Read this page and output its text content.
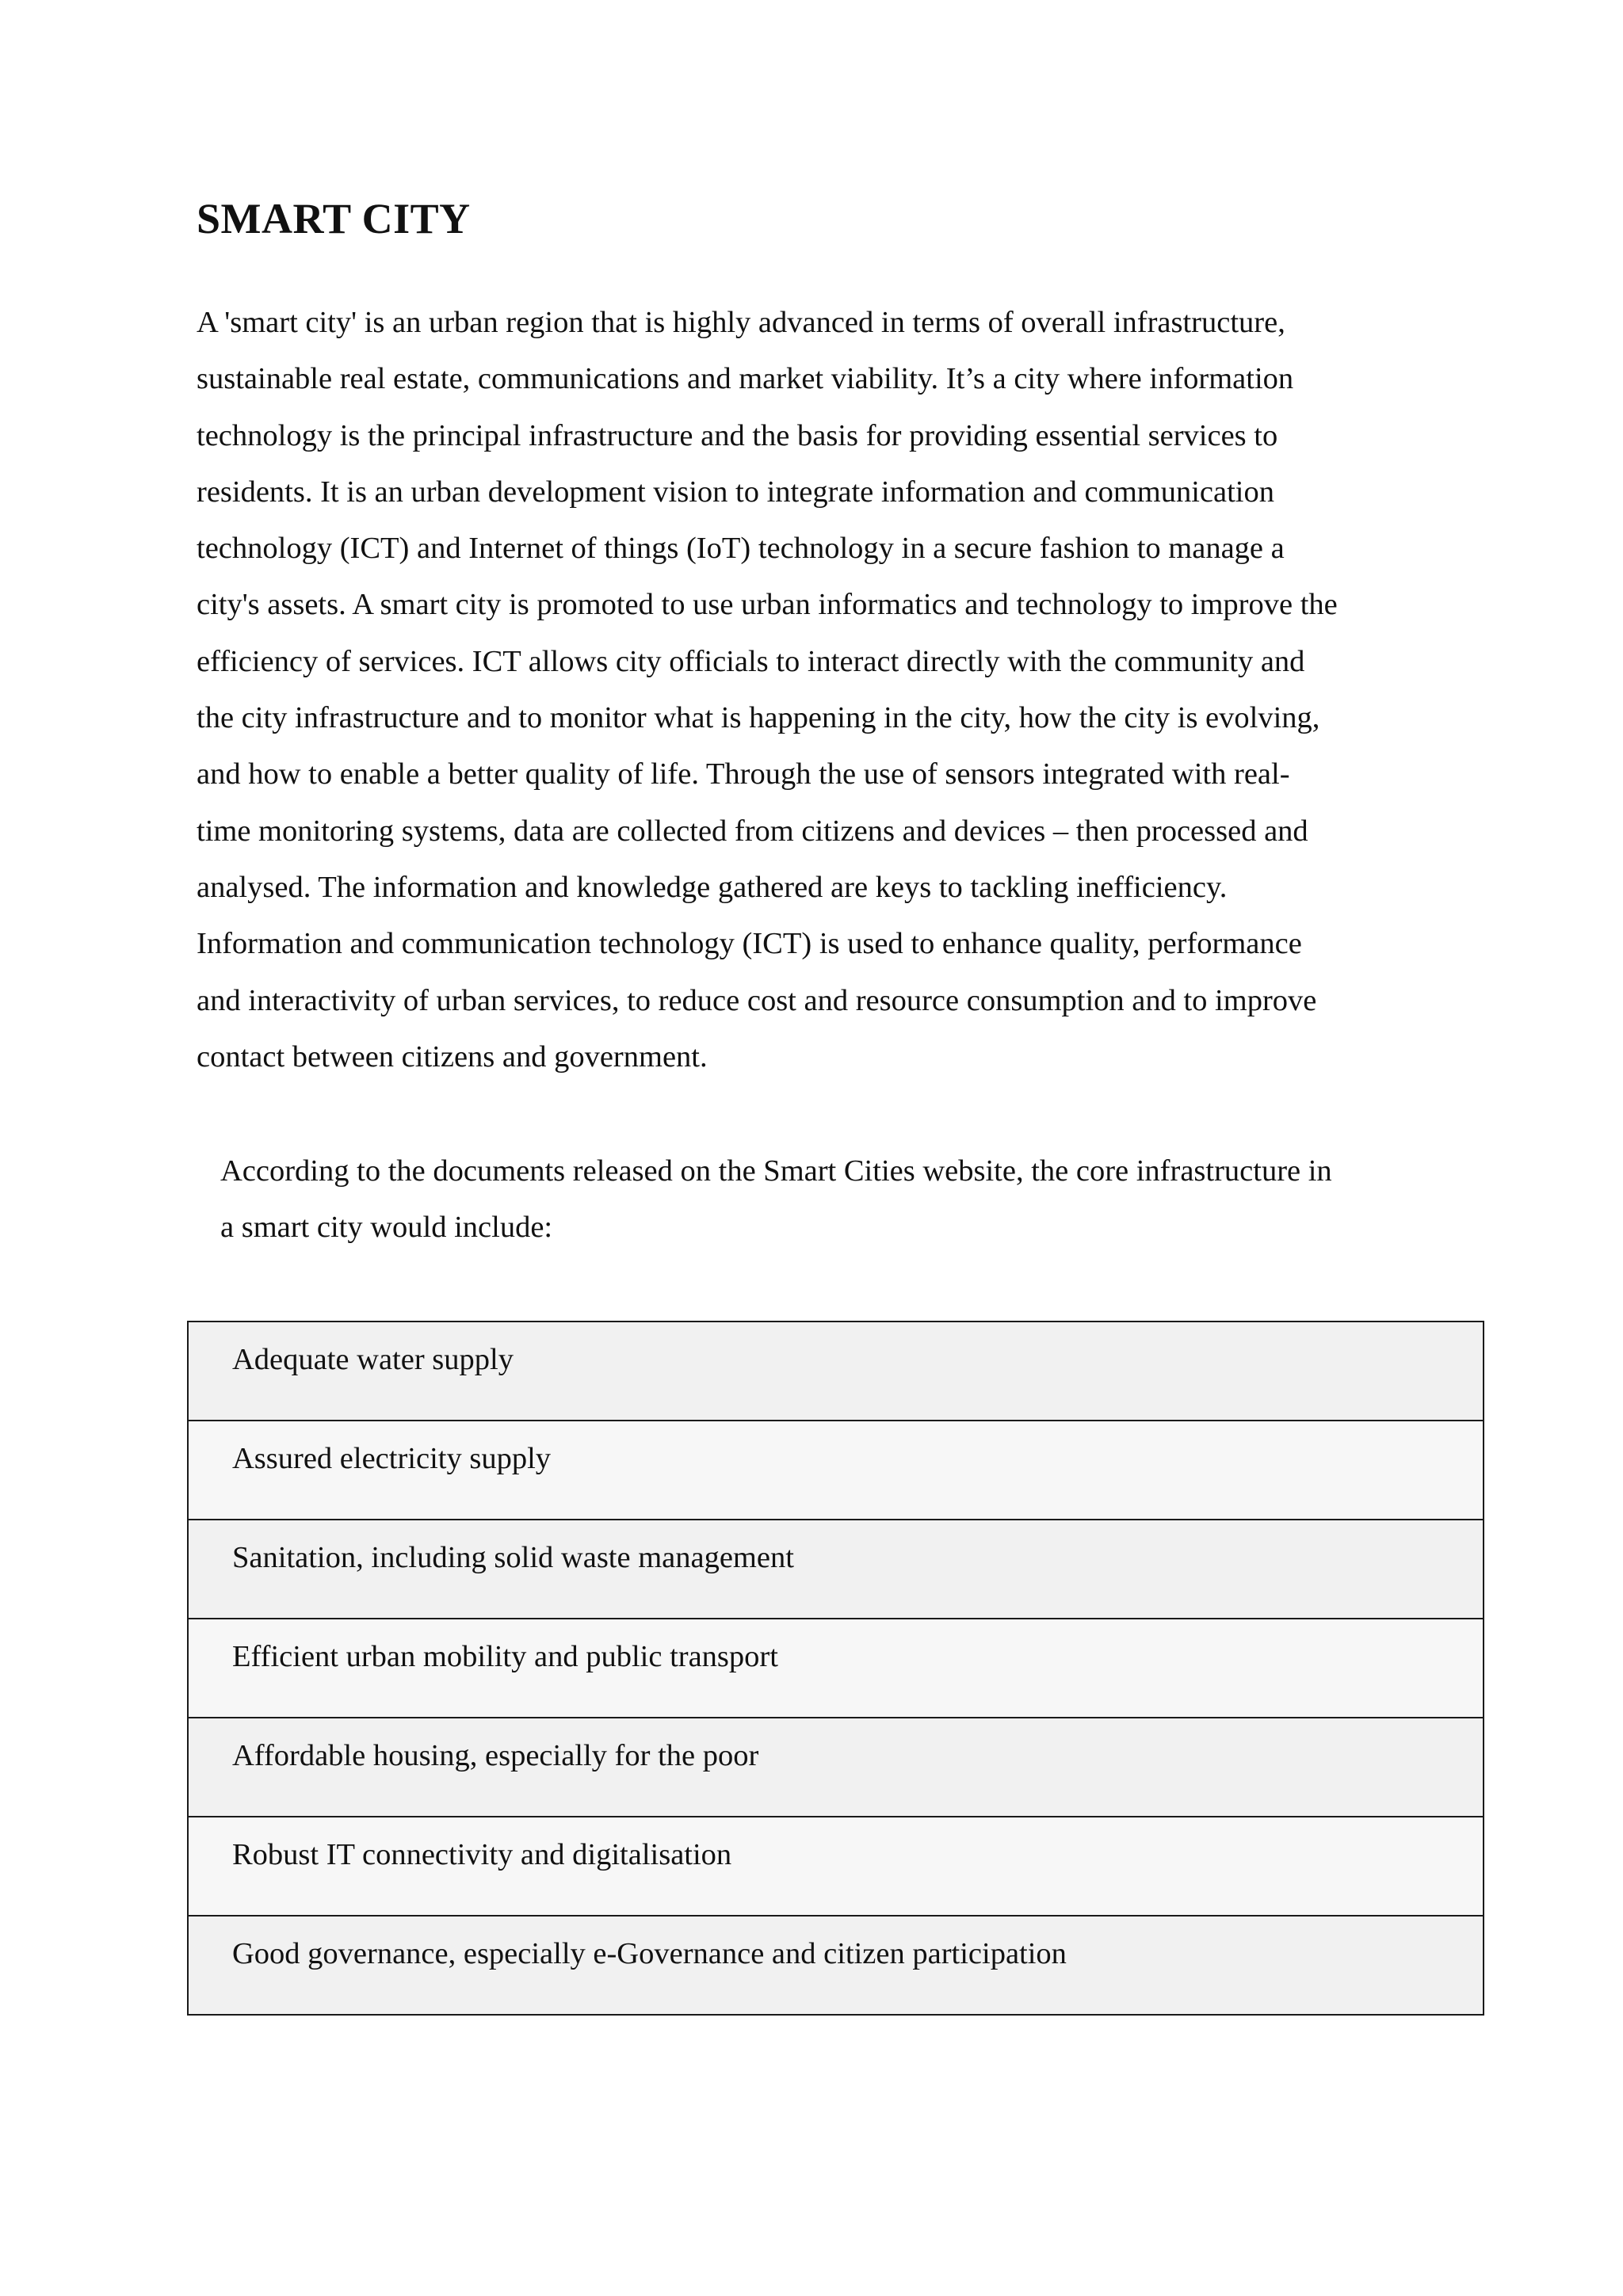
SMART CITY

A 'smart city' is an urban region that is highly advanced in terms of overall infrastructure,
sustainable real estate, communications and market viability. It’s a city where information
technology is the principal infrastructure and the basis for providing essential services to
residents. It is an urban development vision to integrate information and communication
technology (ICT) and Internet of things (IoT) technology in a secure fashion to manage a
city's assets. A smart city is promoted to use urban informatics and technology to improve the
efficiency of services. ICT allows city officials to interact directly with the community and
the city infrastructure and to monitor what is happening in the city, how the city is evolving,
and how to enable a better quality of life. Through the use of sensors integrated with real-
time monitoring systems, data are collected from citizens and devices – then processed and
analysed. The information and knowledge gathered are keys to tackling inefficiency.
Information and communication technology (ICT) is used to enhance quality, performance
and interactivity of urban services, to reduce cost and resource consumption and to improve
contact between citizens and government.

According to the documents released on the Smart Cities website, the core infrastructure in
a smart city would include:

Adequate water supply

Assured electricity supply

Sanitation, including solid waste management

Efficient urban mobility and public transport

Affordable housing, especially for the poor

Robust IT connectivity and digitalisation

Good governance, especially e-Governance and citizen participation
